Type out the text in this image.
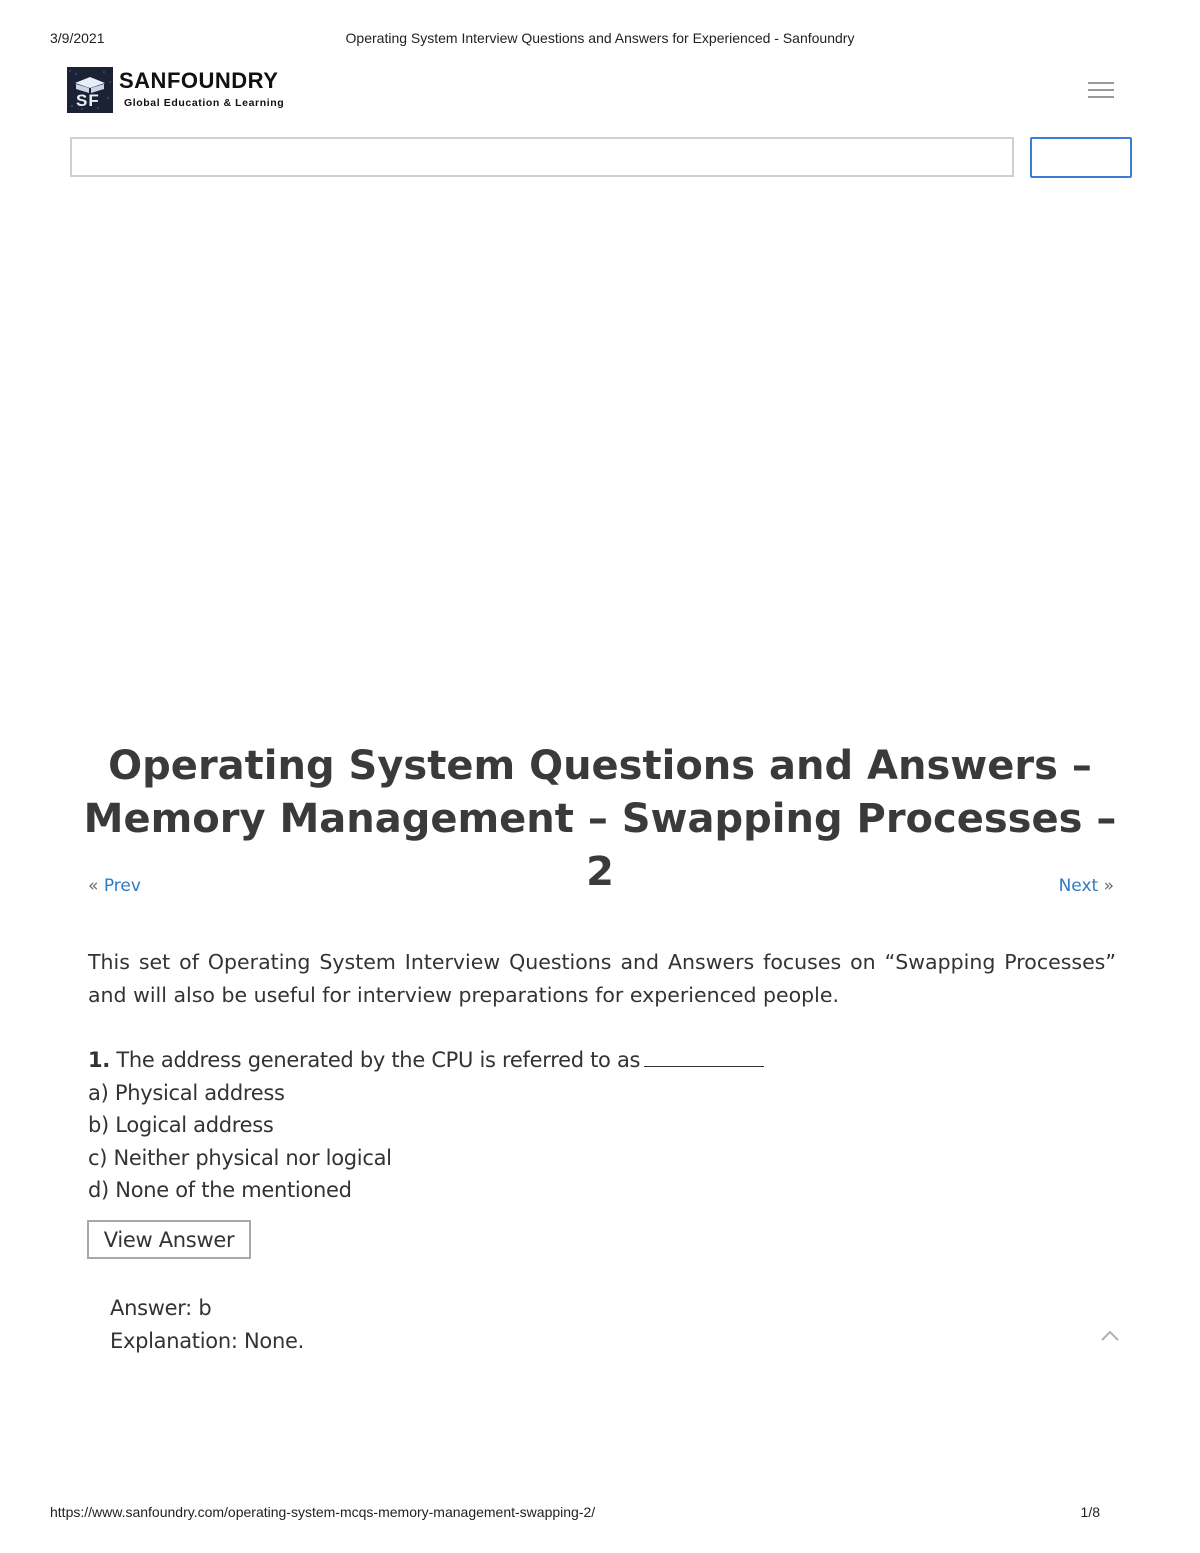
3/9/2021	Operating System Interview Questions and Answers for Experienced - Sanfoundry
SF
SANFOUNDRY
Global Education & Learning
Operating System Questions and Answers – Memory Management – Swapping Processes – 2
« Prev	Next »

This set of Operating System Interview Questions and Answers focuses on “Swapping Processes” and will also be useful for interview preparations for experienced people.

1. The address generated by the CPU is referred to as
a) Physical address
b) Logical address
c) Neither physical nor logical
d) None of the mentioned
View Answer
Answer: b
Explanation: None.
https://www.sanfoundry.com/operating-system-mcqs-memory-management-swapping-2/	1/8
